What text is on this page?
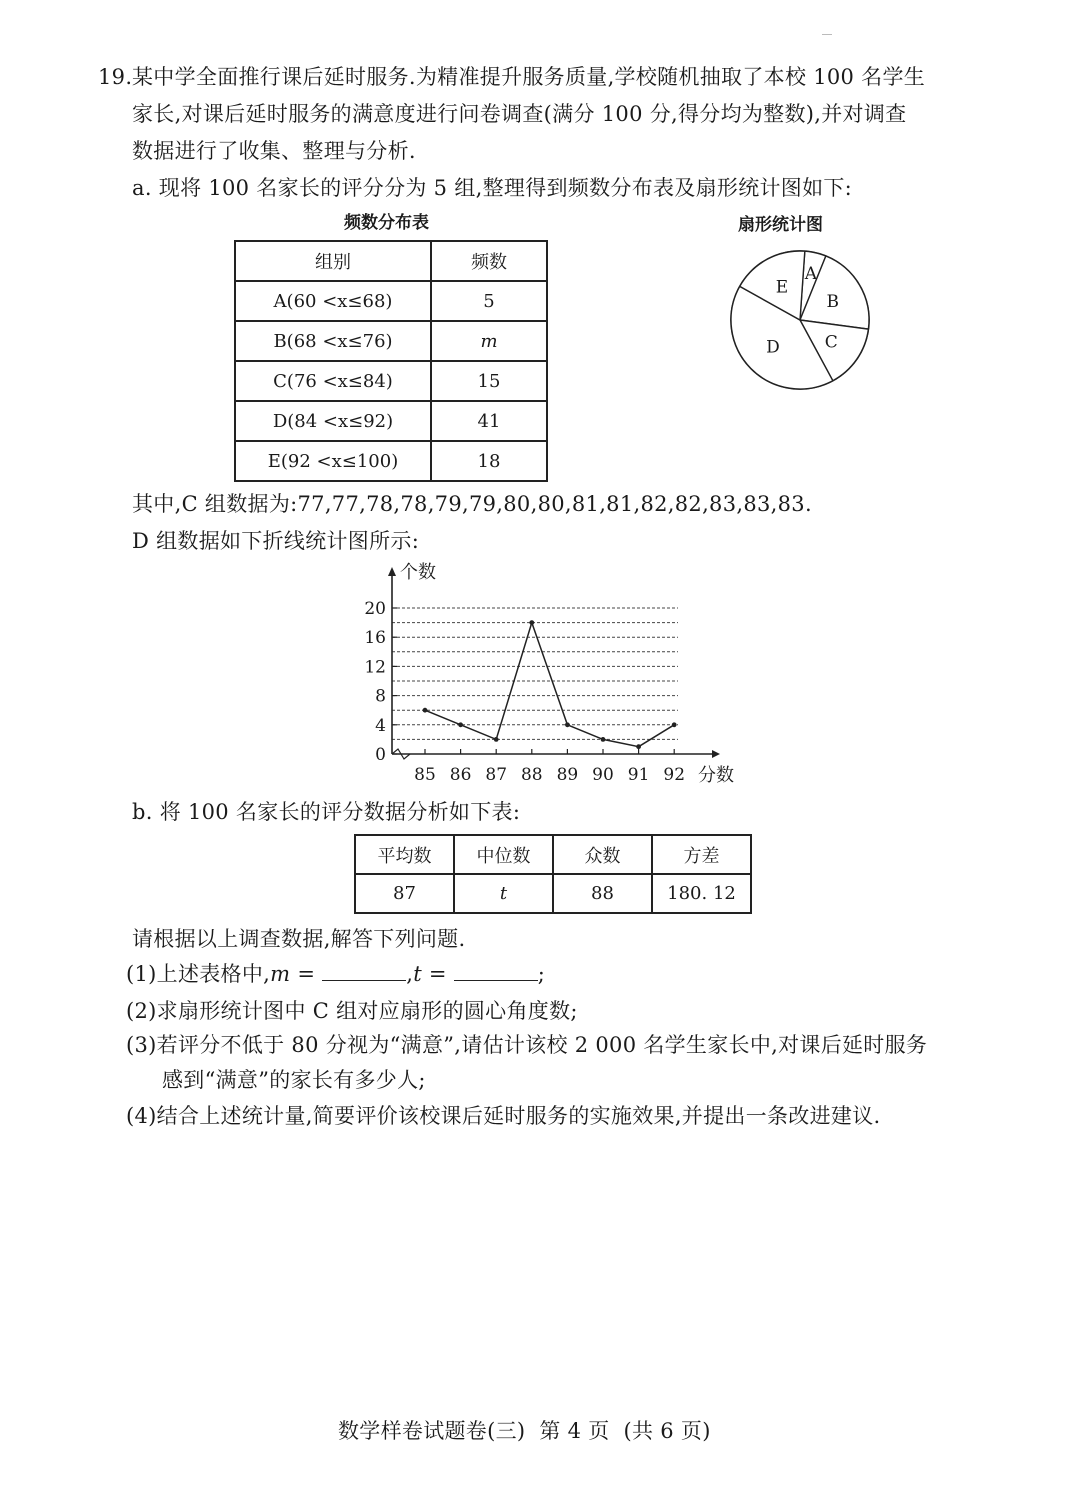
19. 某中学全面推行课后延时服务.为精准提升服务质量,学校随机抽取了本校 100 名学生
家长,对课后延时服务的满意度进行问卷调查(满分 100 分,得分均为整数),并对调查
数据进行了收集、整理与分析.
a. 现将 100 名家长的评分分为 5 组,整理得到频数分布表及扇形统计图如下:
频数分布表
组别	频数
A(60 <x≤68)	5
B(68 <x≤76)	m
C(76 <x≤84)	15
D(84 <x≤92)	41
E(92 <x≤100)	18
扇形统计图
A
B
C
D
E
其中,C 组数据为:77,77,78,78,79,79,80,80,81,81,82,82,83,83,83.
D 组数据如下折线统计图所示:
个数
0
4
8
12
16
20
85 86 87 88 89 90 91 92 分数
b. 将 100 名家长的评分数据分析如下表:
平均数	中位数	众数	方差
87	t	88	180. 12
请根据以上调查数据,解答下列问题.
(1)上述表格中,m =	,t =	;
(2)求扇形统计图中 C 组对应扇形的圆心角度数;
(3)若评分不低于 80 分视为“满意”,请估计该校 2 000 名学生家长中,对课后延时服务
感到“满意”的家长有多少人;
(4)结合上述统计量,简要评价该校课后延时服务的实施效果,并提出一条改进建议.
数学样卷试题卷(三)  第 4 页  (共 6 页)
